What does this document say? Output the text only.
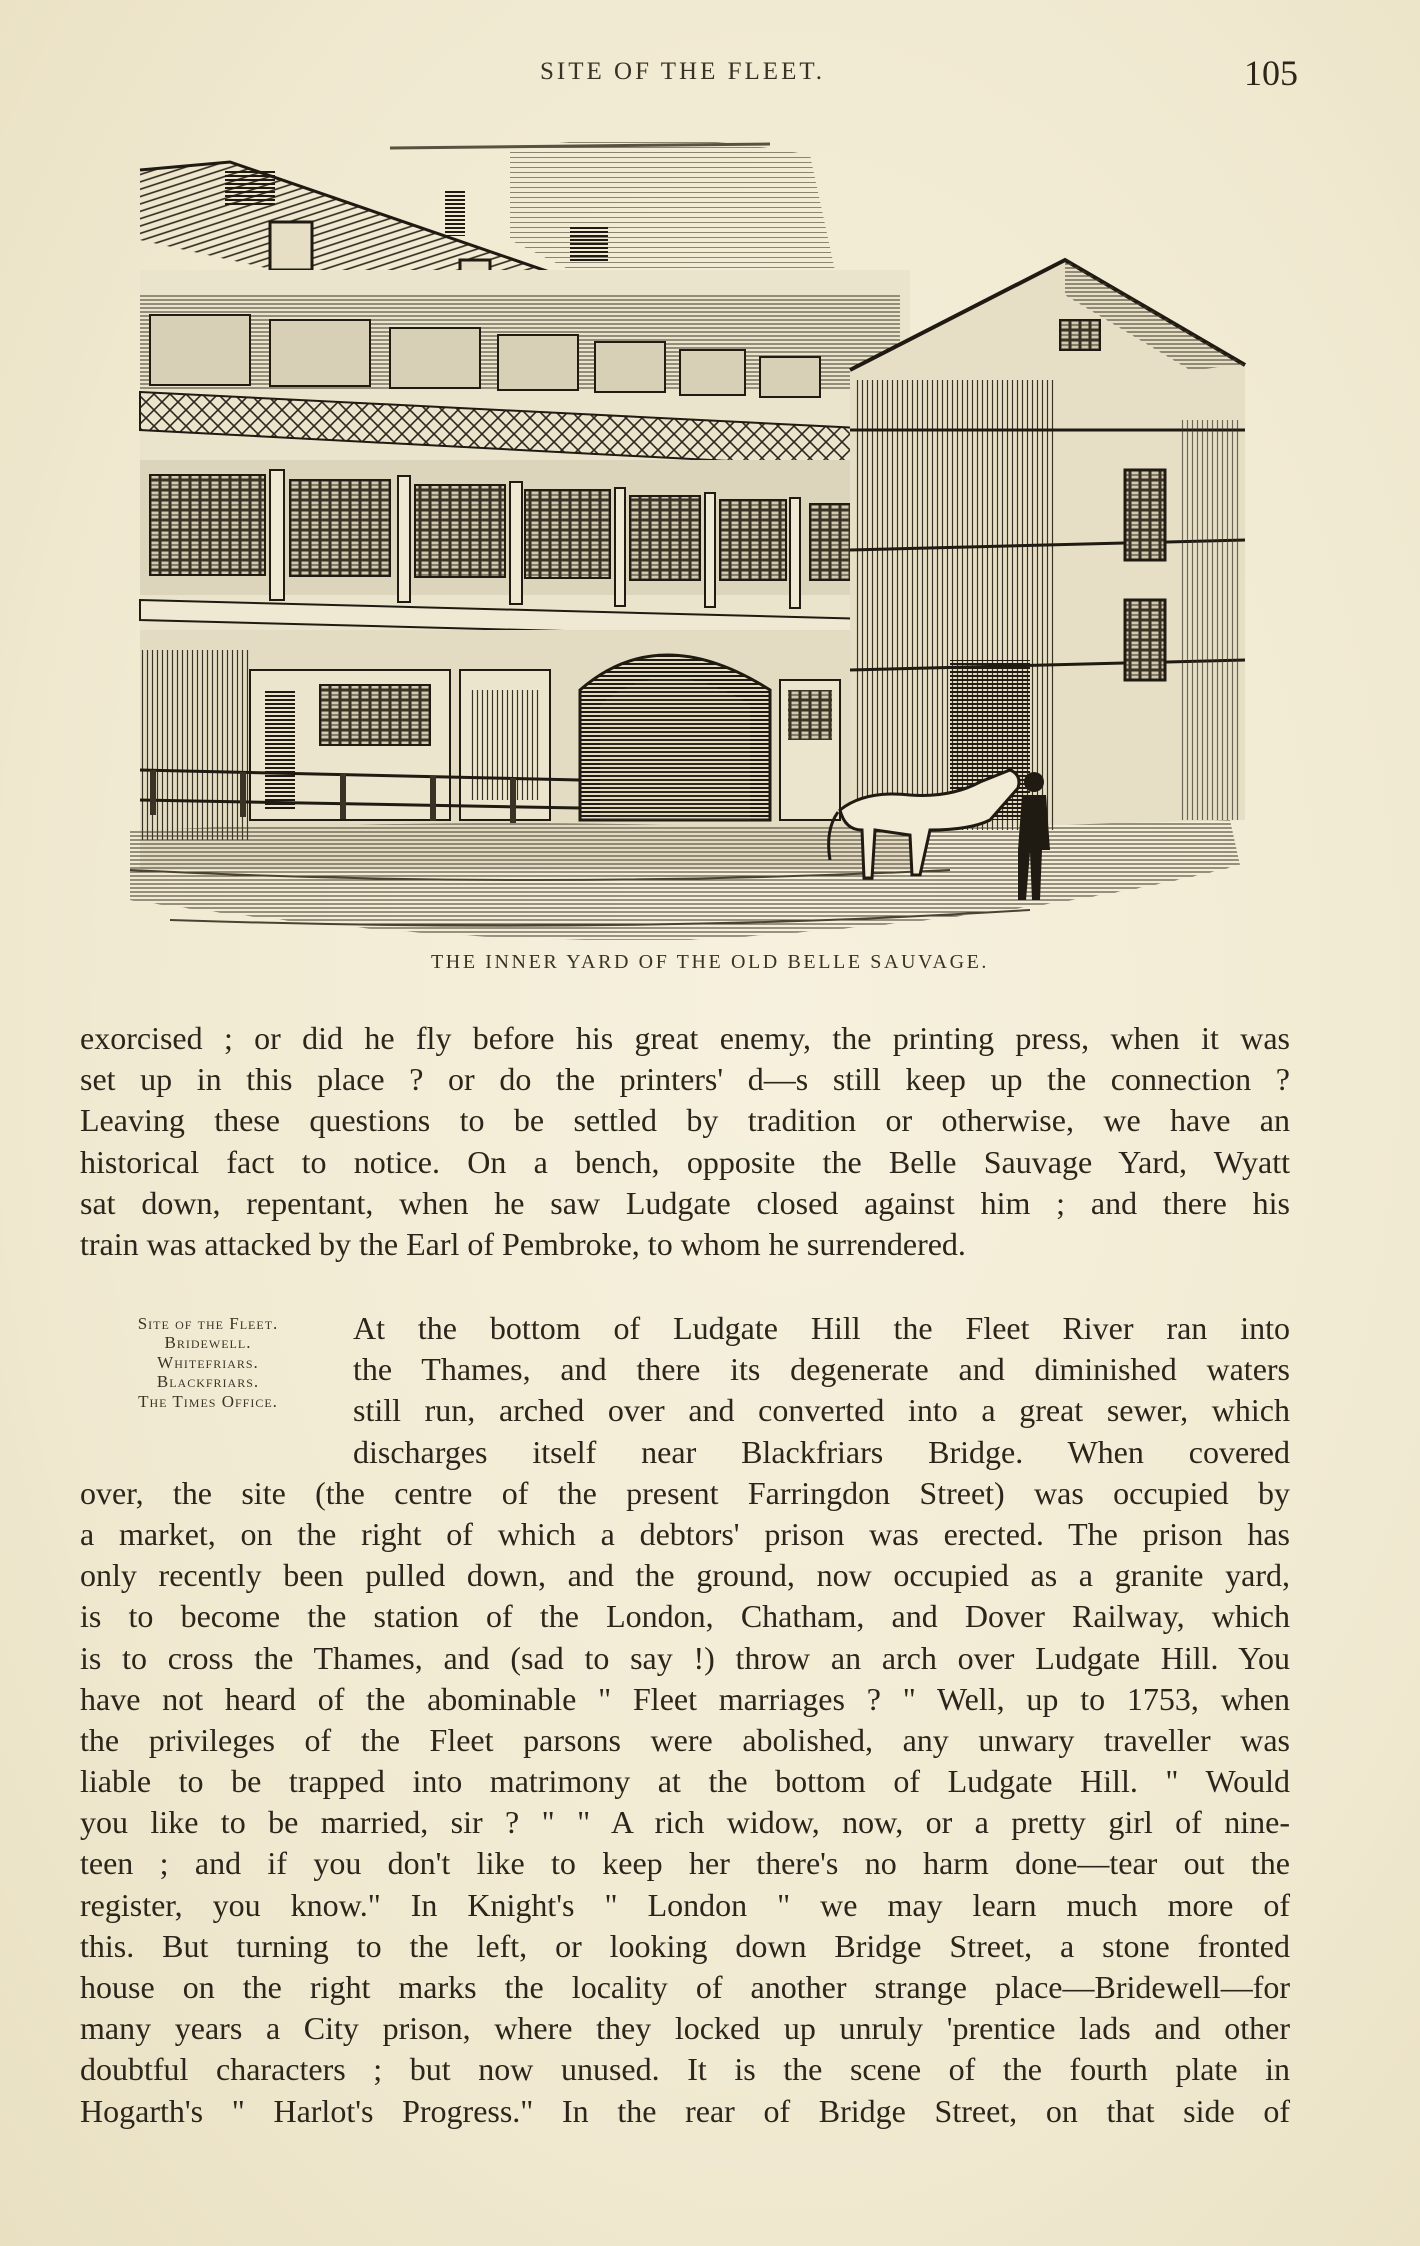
SITE OF THE FLEET.	105
THE INNER YARD OF THE OLD BELLE SAUVAGE.
exorcised ; or did he fly before his great enemy, the printing press, when it was
set up in this place ? or do the printers' d—s still keep up the connection ?
Leaving these questions to be settled by tradition or otherwise, we have an
historical fact to notice. On a bench, opposite the Belle Sauvage Yard, Wyatt
sat down, repentant, when he saw Ludgate closed against him ; and there his
train was attacked by the Earl of Pembroke, to whom he surrendered.
Site of the Fleet.
Bridewell.
Whitefriars.
Blackfriars.
The Times Office.
At the bottom of Ludgate Hill the Fleet River ran into
the Thames, and there its degenerate and diminished waters
still run, arched over and converted into a great sewer, which
discharges itself near Blackfriars Bridge. When covered
over, the site (the centre of the present Farringdon Street) was occupied by
a market, on the right of which a debtors' prison was erected. The prison has
only recently been pulled down, and the ground, now occupied as a granite yard,
is to become the station of the London, Chatham, and Dover Railway, which
is to cross the Thames, and (sad to say !) throw an arch over Ludgate Hill. You
have not heard of the abominable " Fleet marriages ? " Well, up to 1753, when
the privileges of the Fleet parsons were abolished, any unwary traveller was
liable to be trapped into matrimony at the bottom of Ludgate Hill. " Would
you like to be married, sir ? " " A rich widow, now, or a pretty girl of nine-
teen ; and if you don't like to keep her there's no harm done—tear out the
register, you know." In Knight's " London " we may learn much more of
this. But turning to the left, or looking down Bridge Street, a stone fronted
house on the right marks the locality of another strange place—Bridewell—for
many years a City prison, where they locked up unruly 'prentice lads and other
doubtful characters ; but now unused. It is the scene of the fourth plate in
Hogarth's " Harlot's Progress." In the rear of Bridge Street, on that side of
